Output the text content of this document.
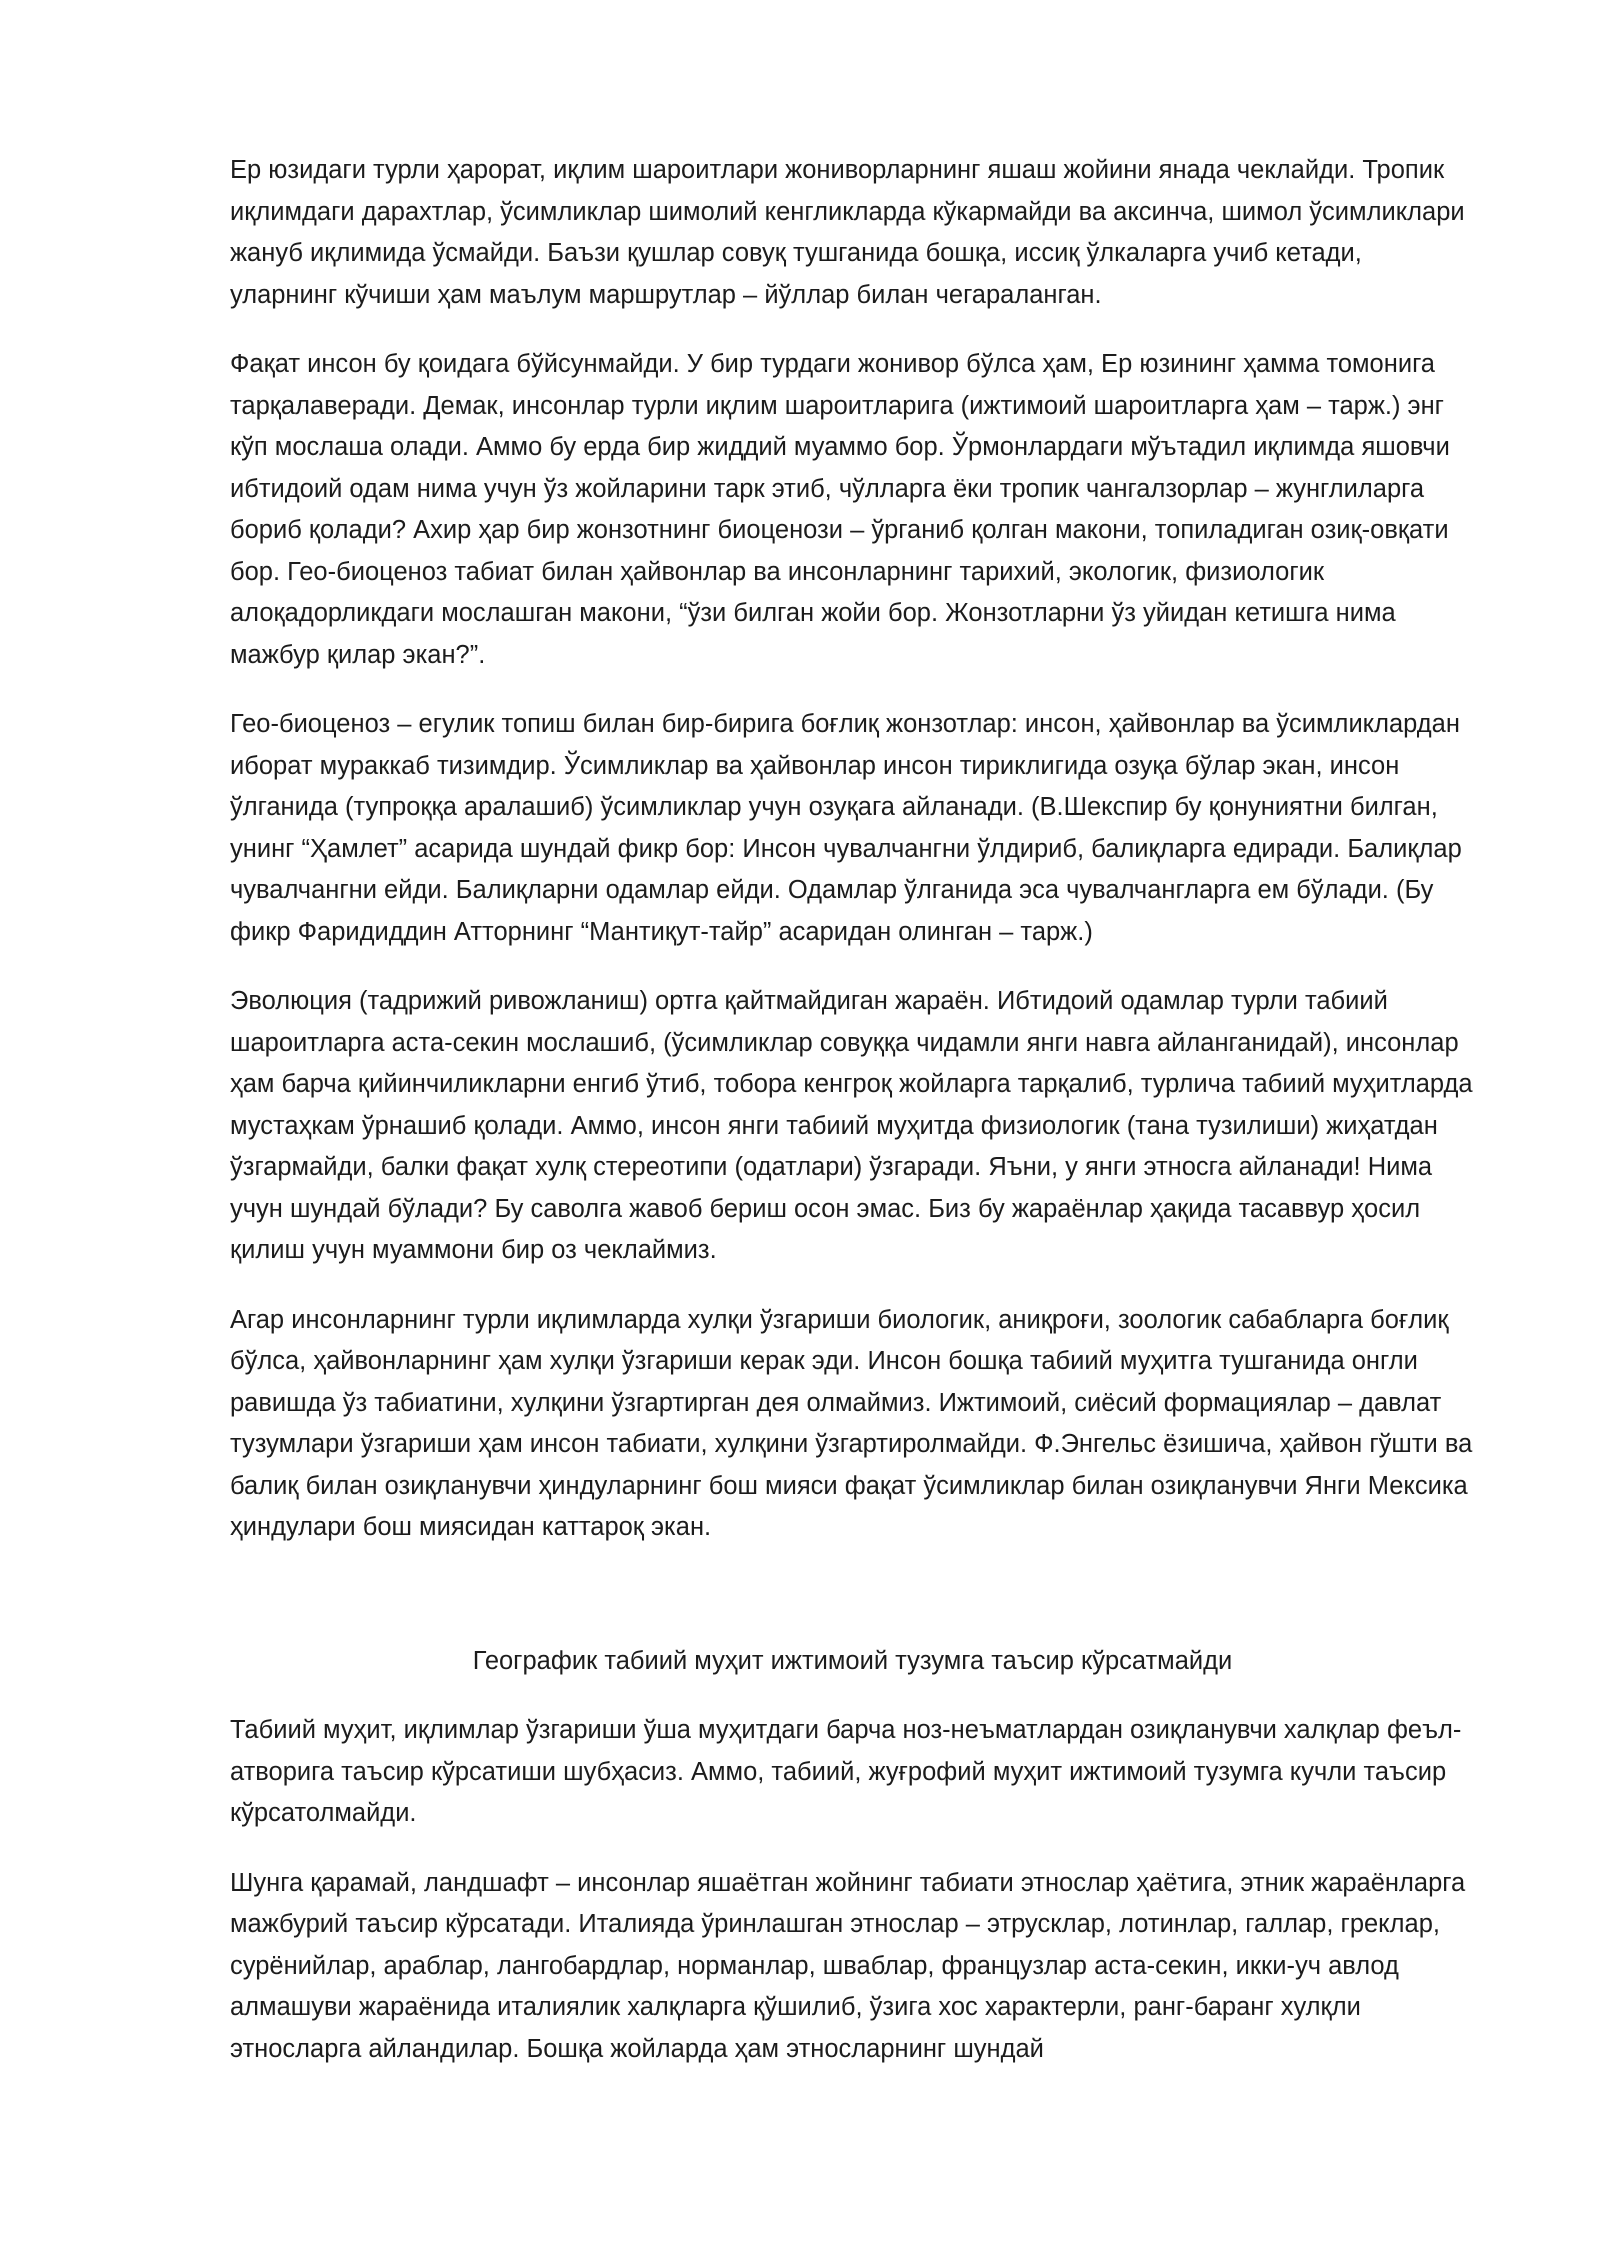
Ер юзидаги турли ҳарорат, иқлим шароитлари жониворларнинг яшаш жойини янада чеклайди. Тропик иқлимдаги дарахтлар, ўсимликлар шимолий кенгликларда кўкармайди ва аксинча, шимол ўсимликлари жануб иқлимида ўсмайди. Баъзи қушлар совуқ тушганида бошқа, иссиқ ўлкаларга учиб кетади, уларнинг кўчиши ҳам маълум маршрутлар – йўллар билан чегараланган.

Фақат инсон бу қоидага бўйсунмайди. У бир турдаги жонивор бўлса ҳам, Ер юзининг ҳамма томонига тарқалаверади. Демак, инсонлар турли иқлим шароитларига (ижтимоий шароитларга ҳам – тарж.) энг кўп мослаша олади. Аммо бу ерда бир жиддий муаммо бор. Ўрмонлардаги мўътадил иқлимда яшовчи ибтидоий одам нима учун ўз жойларини тарк этиб, чўлларга ёки тропик чангалзорлар – жунглиларга бориб қолади? Ахир ҳар бир жонзотнинг биоценози – ўрганиб қолган макони, топиладиган озиқ-овқати бор. Гео-биоценоз табиат билан ҳайвонлар ва инсонларнинг тарихий, экологик, физиологик алоқадорликдаги мослашган макони, “ўзи билган жойи бор. Жонзотларни ўз уйидан кетишга нима мажбур қилар экан?”.

Гео-биоценоз – егулик топиш билан бир-бирига боғлиқ жонзотлар: инсон, ҳайвонлар ва ўсимликлардан иборат мураккаб тизимдир. Ўсимликлар ва ҳайвонлар инсон тириклигида озуқа бўлар экан, инсон ўлганида (тупроққа аралашиб) ўсимликлар учун озуқага айланади. (В.Шекспир бу қонуниятни билган, унинг “Ҳамлет” асарида шундай фикр бор: Инсон чувалчангни ўлдириб, балиқларга едиради. Балиқлар чувалчангни ейди. Балиқларни одамлар ейди. Одамлар ўлганида эса чувалчангларга ем бўлади. (Бу фикр Фаридиддин Атторнинг “Мантиқут-тайр” асаридан олинган – тарж.)

Эволюция (тадрижий ривожланиш) ортга қайтмайдиган жараён. Ибтидоий одамлар турли табиий шароитларга аста-секин мослашиб, (ўсимликлар совуққа чидамли янги навга айланганидай), инсонлар ҳам барча қийинчиликларни енгиб ўтиб, тобора кенгроқ жойларга тарқалиб, турлича табиий муҳитларда мустаҳкам ўрнашиб қолади. Аммо, инсон янги табиий муҳитда физиологик (тана тузилиши) жиҳатдан ўзгармайди, балки фақат хулқ стереотипи (одатлари) ўзгаради. Яъни, у янги этносга айланади! Нима учун шундай бўлади? Бу саволга жавоб бериш осон эмас. Биз бу жараёнлар ҳақида тасаввур ҳосил қилиш учун муаммони бир оз чеклаймиз.

Агар инсонларнинг турли иқлимларда хулқи ўзгариши биологик, аниқроғи, зоологик сабабларга боғлиқ бўлса, ҳайвонларнинг ҳам хулқи ўзгариши керак эди. Инсон бошқа табиий муҳитга тушганида онгли равишда ўз табиатини, хулқини ўзгартирган дея олмаймиз. Ижтимоий, сиёсий формациялар – давлат тузумлари ўзгариши ҳам инсон табиати, хулқини ўзгартиролмайди. Ф.Энгельс ёзишича, ҳайвон гўшти ва балиқ билан озиқланувчи ҳиндуларнинг бош мияси фақат ўсимликлар билан озиқланувчи Янги Мексика ҳиндулари бош миясидан каттароқ экан.

Географик табиий муҳит ижтимоий тузумга таъсир кўрсатмайди

Табиий муҳит, иқлимлар ўзгариши ўша муҳитдаги барча ноз-неъматлардан озиқланувчи халқлар феъл-атворига таъсир кўрсатиши шубҳасиз. Аммо, табиий, жуғрофий муҳит ижтимоий тузумга кучли таъсир кўрсатолмайди.

Шунга қарамай, ландшафт – инсонлар яшаётган жойнинг табиати этнослар ҳаётига, этник жараёнларга мажбурий таъсир кўрсатади. Италияда ўринлашган этнослар – этрусклар, лотинлар, галлар, греклар, сурёнийлар, араблар, лангобардлар, норманлар, шваблар, французлар аста-секин, икки-уч авлод алмашуви жараёнида италиялик халқларга қўшилиб, ўзига хос характерли, ранг-баранг хулқли этносларга айландилар. Бошқа жойларда ҳам этносларнинг шундай
